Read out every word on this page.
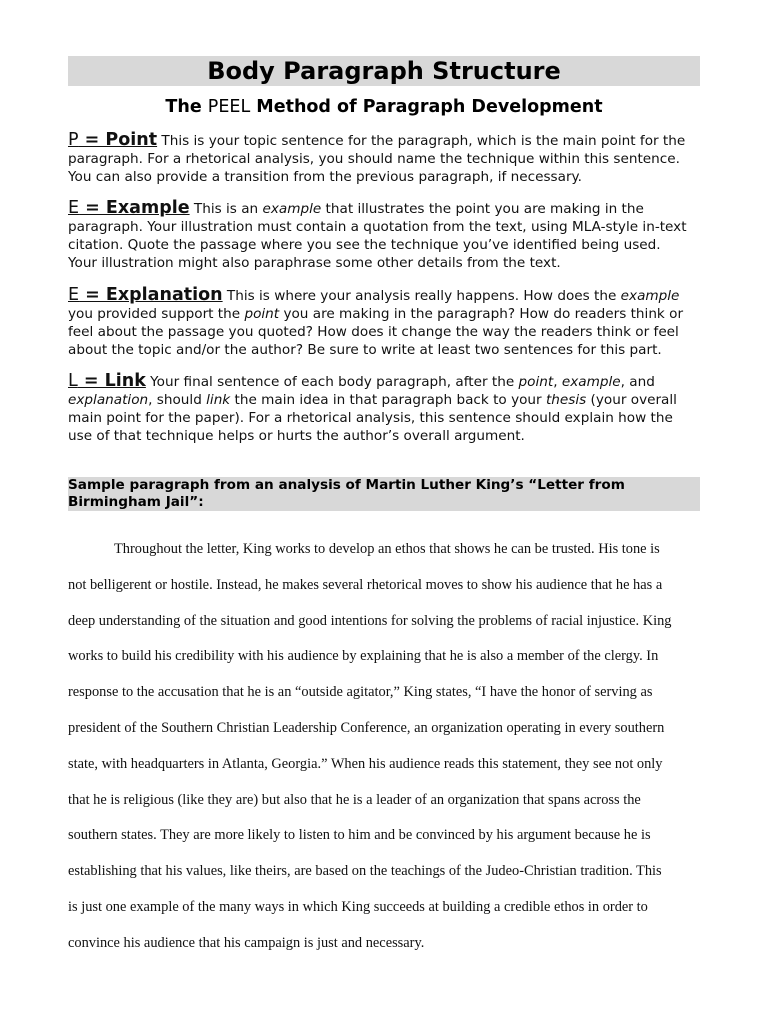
Body Paragraph Structure
The PEEL Method of Paragraph Development
P = Point This is your topic sentence for the paragraph, which is the main point for the
paragraph. For a rhetorical analysis, you should name the technique within this sentence.
You can also provide a transition from the previous paragraph, if necessary.
E = Example This is an example that illustrates the point you are making in the
paragraph. Your illustration must contain a quotation from the text, using MLA-style in-text
citation. Quote the passage where you see the technique you’ve identified being used.
Your illustration might also paraphrase some other details from the text.
E = Explanation This is where your analysis really happens. How does the example
you provided support the point you are making in the paragraph? How do readers think or
feel about the passage you quoted? How does it change the way the readers think or feel
about the topic and/or the author? Be sure to write at least two sentences for this part.
L = Link Your final sentence of each body paragraph, after the point, example, and
explanation, should link the main idea in that paragraph back to your thesis (your overall
main point for the paper). For a rhetorical analysis, this sentence should explain how the
use of that technique helps or hurts the author’s overall argument.
Sample paragraph from an analysis of Martin Luther King’s “Letter from
Birmingham Jail”:
Throughout the letter, King works to develop an ethos that shows he can be trusted. His tone is
not belligerent or hostile. Instead, he makes several rhetorical moves to show his audience that he has a
deep understanding of the situation and good intentions for solving the problems of racial injustice. King
works to build his credibility with his audience by explaining that he is also a member of the clergy. In
response to the accusation that he is an “outside agitator,” King states, “I have the honor of serving as
president of the Southern Christian Leadership Conference, an organization operating in every southern
state, with headquarters in Atlanta, Georgia.” When his audience reads this statement, they see not only
that he is religious (like they are) but also that he is a leader of an organization that spans across the
southern states. They are more likely to listen to him and be convinced by his argument because he is
establishing that his values, like theirs, are based on the teachings of the Judeo-Christian tradition. This
is just one example of the many ways in which King succeeds at building a credible ethos in order to
convince his audience that his campaign is just and necessary.
